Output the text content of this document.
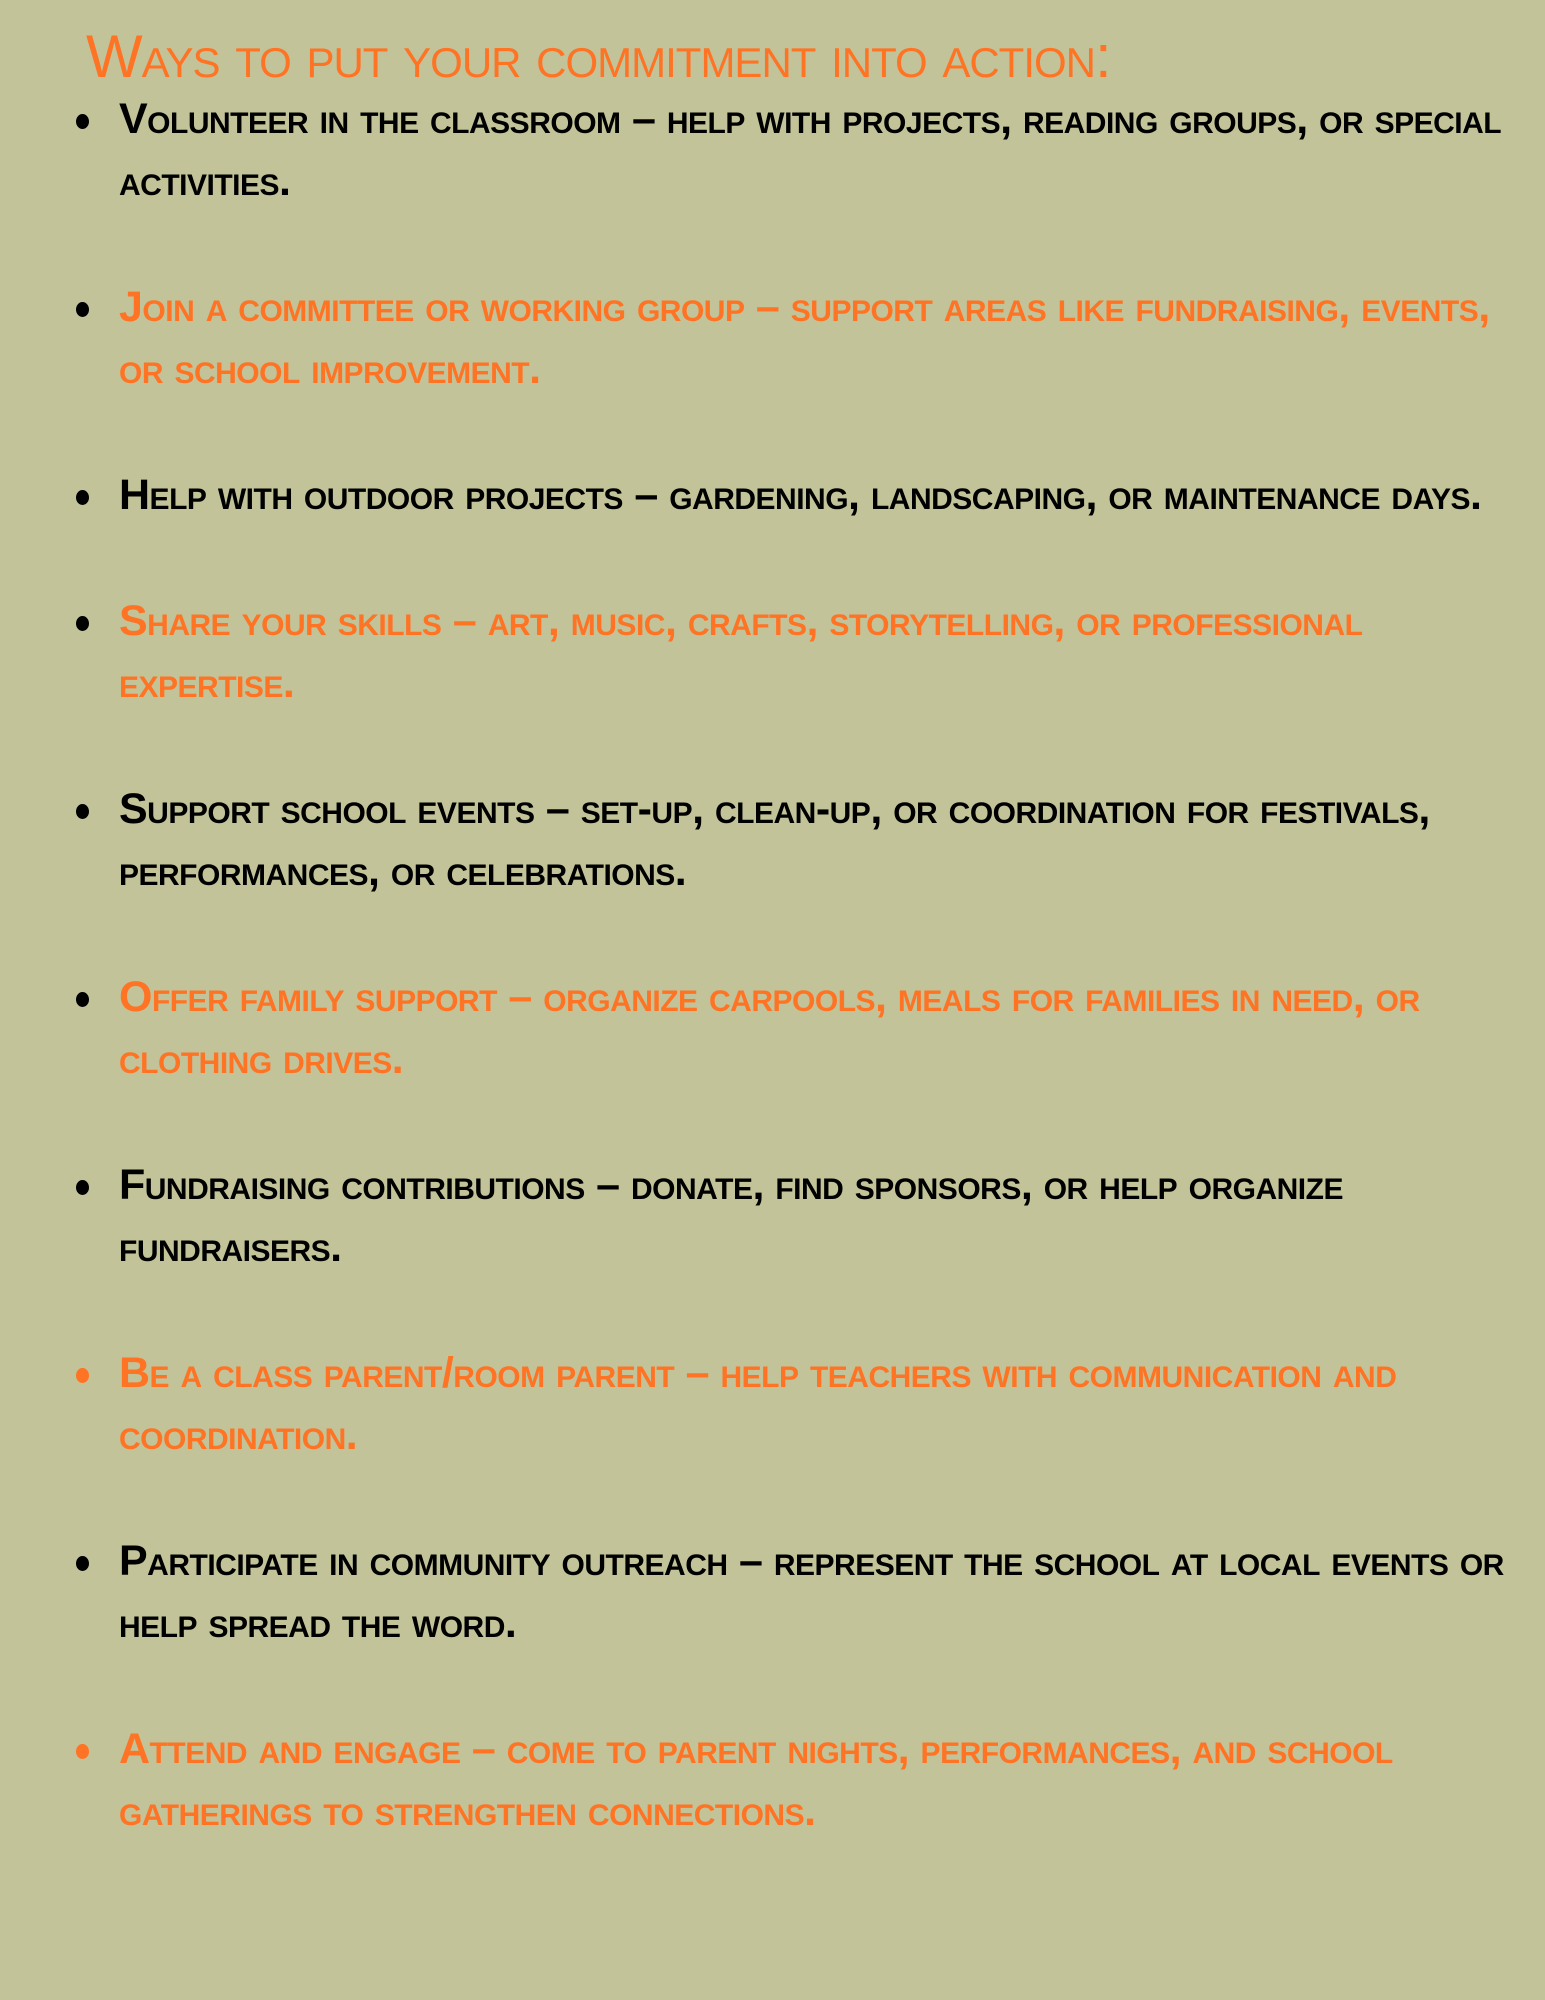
Ways to put your commitment into action:
Volunteer in the classroom – help with projects, reading groups, or special activities.
Join a committee or working group – support areas like fundraising, events, or school improvement.
Help with outdoor projects – gardening, landscaping, or maintenance days.
Share your skills – art, music, crafts, storytelling, or professional expertise.
Support school events – set-up, clean-up, or coordination for festivals, performances, or celebrations.
Offer family support – organize carpools, meals for families in need, or clothing drives.
Fundraising contributions – donate, find sponsors, or help organize fundraisers.
Be a class parent/room parent – help teachers with communication and coordination.
Participate in community outreach – represent the school at local events or help spread the word.
Attend and engage – come to parent nights, performances, and school gatherings to strengthen connections.
